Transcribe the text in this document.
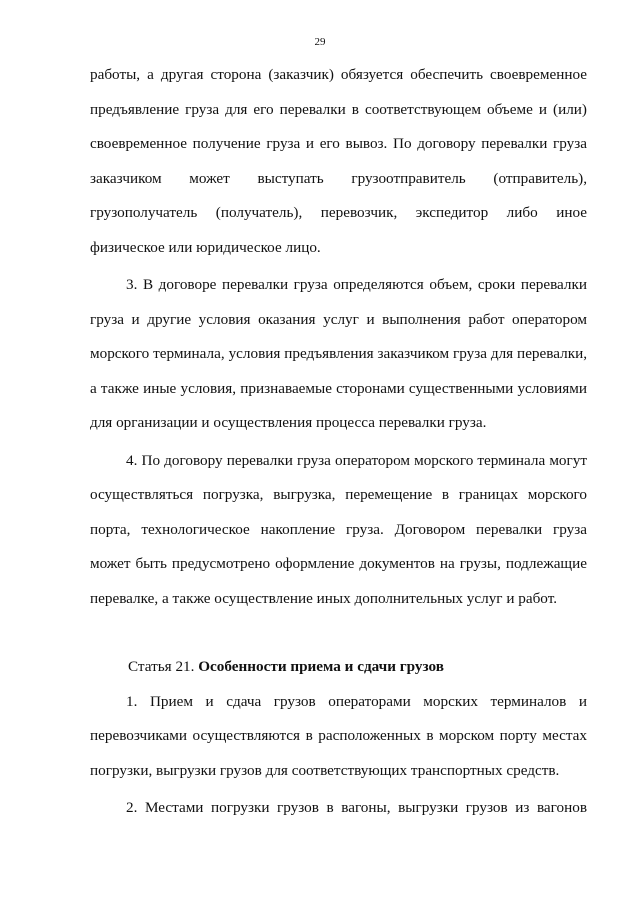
29

работы, а другая сторона (заказчик) обязуется обеспечить своевременное предъявление груза для его перевалки в соответствующем объеме и (или) своевременное получение груза и его вывоз. По договору перевалки груза заказчиком может выступать грузоотправитель (отправитель), грузополучатель (получатель), перевозчик, экспедитор либо иное физическое или юридическое лицо.

3. В договоре перевалки груза определяются объем, сроки перевалки груза и другие условия оказания услуг и выполнения работ оператором морского терминала, условия предъявления заказчиком груза для перевалки, а также иные условия, признаваемые сторонами существенными условиями для организации и осуществления процесса перевалки груза.

4. По договору перевалки груза оператором морского терминала могут осуществляться погрузка, выгрузка, перемещение в границах морского порта, технологическое накопление груза. Договором перевалки груза может быть предусмотрено оформление документов на грузы, подлежащие перевалке, а также осуществление иных дополнительных услуг и работ.

Статья 21. Особенности приема и сдачи грузов

1. Прием и сдача грузов операторами морских терминалов и перевозчиками осуществляются в расположенных в морском порту местах погрузки, выгрузки грузов для соответствующих транспортных средств.

2. Местами погрузки грузов в вагоны, выгрузки грузов из вагонов
